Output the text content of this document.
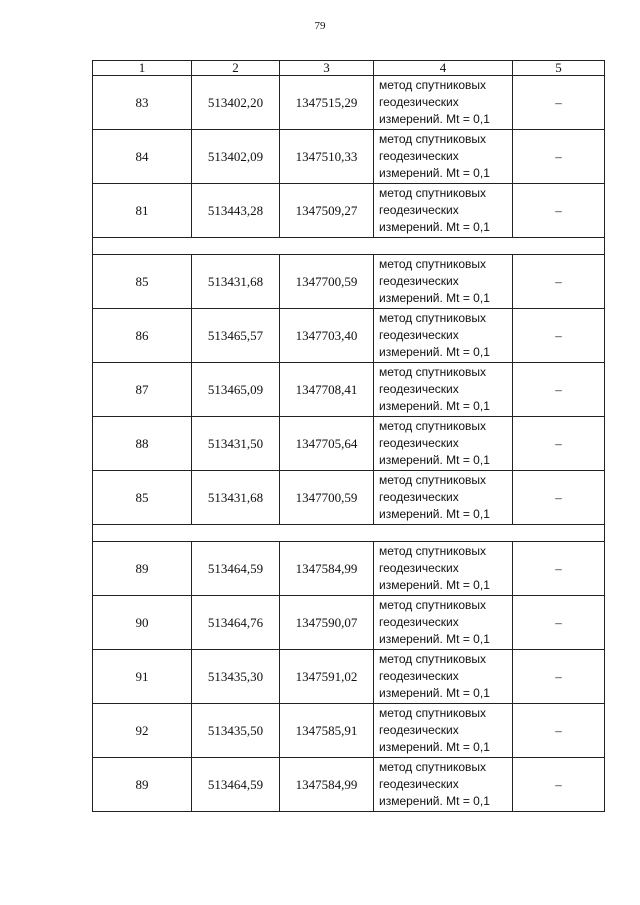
79
1	2	3	4	5
83	513402,20	1347515,29	метод спутниковых
геодезических
измерений. Mt = 0,1	–
84	513402,09	1347510,33	метод спутниковых
геодезических
измерений. Mt = 0,1	–
81	513443,28	1347509,27	метод спутниковых
геодезических
измерений. Mt = 0,1	–

85	513431,68	1347700,59	метод спутниковых
геодезических
измерений. Mt = 0,1	–
86	513465,57	1347703,40	метод спутниковых
геодезических
измерений. Mt = 0,1	–
87	513465,09	1347708,41	метод спутниковых
геодезических
измерений. Mt = 0,1	–
88	513431,50	1347705,64	метод спутниковых
геодезических
измерений. Mt = 0,1	–
85	513431,68	1347700,59	метод спутниковых
геодезических
измерений. Mt = 0,1	–

89	513464,59	1347584,99	метод спутниковых
геодезических
измерений. Mt = 0,1	–
90	513464,76	1347590,07	метод спутниковых
геодезических
измерений. Mt = 0,1	–
91	513435,30	1347591,02	метод спутниковых
геодезических
измерений. Mt = 0,1	–
92	513435,50	1347585,91	метод спутниковых
геодезических
измерений. Mt = 0,1	–
89	513464,59	1347584,99	метод спутниковых
геодезических
измерений. Mt = 0,1	–
